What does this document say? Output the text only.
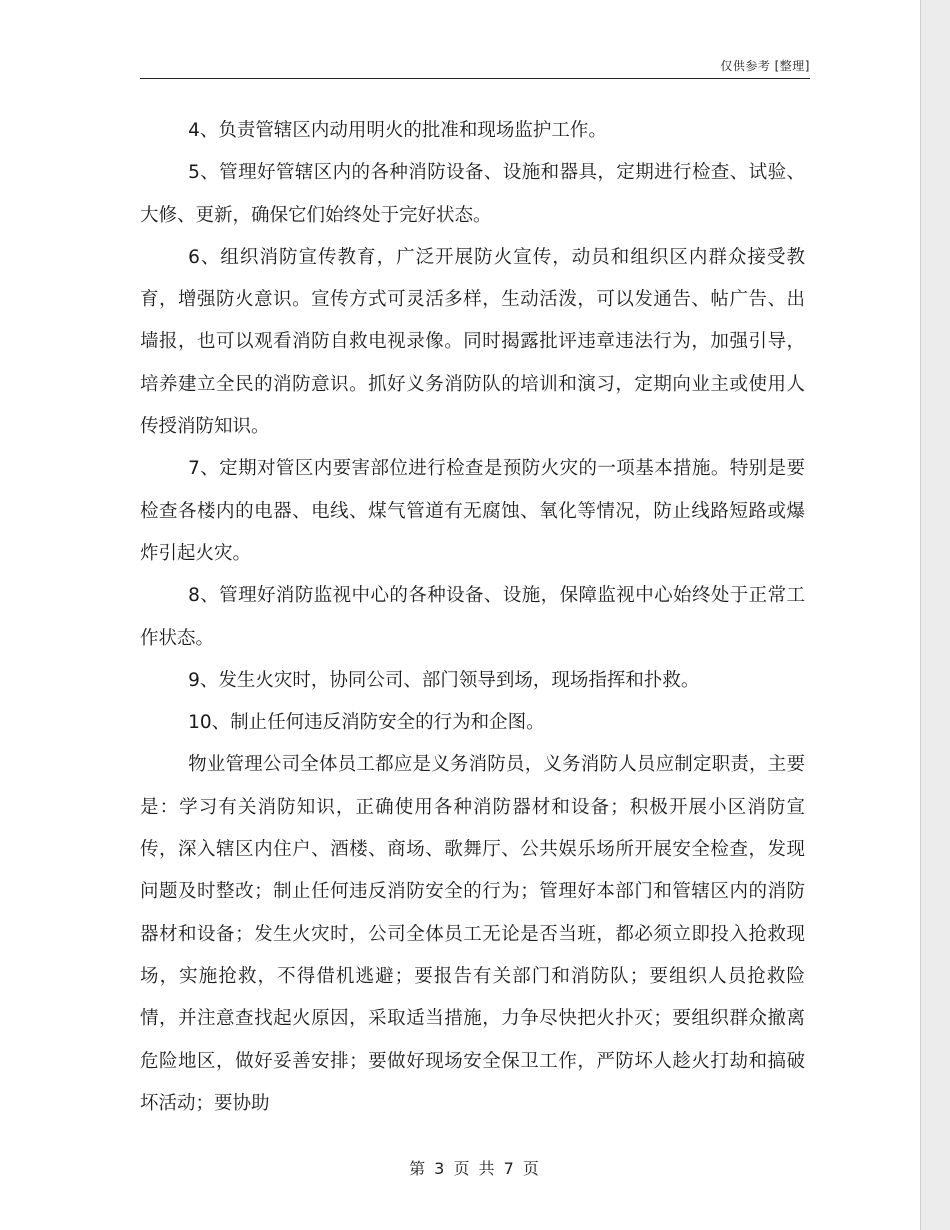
仅供参考 [整理]

4、负责管辖区内动用明火的批准和现场监护工作。

5、管理好管辖区内的各种消防设备、设施和器具，定期进行检查、试验、大修、更新，确保它们始终处于完好状态。

6、组织消防宣传教育，广泛开展防火宣传，动员和组织区内群众接受教育，增强防火意识。宣传方式可灵活多样，生动活泼，可以发通告、帖广告、出墙报，也可以观看消防自救电视录像。同时揭露批评违章违法行为，加强引导，培养建立全民的消防意识。抓好义务消防队的培训和演习，定期向业主或使用人传授消防知识。

7、定期对管区内要害部位进行检查是预防火灾的一项基本措施。特别是要检查各楼内的电器、电线、煤气管道有无腐蚀、氧化等情况，防止线路短路或爆炸引起火灾。

8、管理好消防监视中心的各种设备、设施，保障监视中心始终处于正常工作状态。

9、发生火灾时，协同公司、部门领导到场，现场指挥和扑救。

10、制止任何违反消防安全的行为和企图。

物业管理公司全体员工都应是义务消防员，义务消防人员应制定职责，主要是：学习有关消防知识，正确使用各种消防器材和设备；积极开展小区消防宣传，深入辖区内住户、酒楼、商场、歌舞厅、公共娱乐场所开展安全检查，发现问题及时整改；制止任何违反消防安全的行为；管理好本部门和管辖区内的消防器材和设备；发生火灾时，公司全体员工无论是否当班，都必须立即投入抢救现场，实施抢救，不得借机逃避；要报告有关部门和消防队；要组织人员抢救险情，并注意查找起火原因，采取适当措施，力争尽快把火扑灭；要组织群众撤离危险地区，做好妥善安排；要做好现场安全保卫工作，严防坏人趁火打劫和搞破坏活动；要协助

第 3 页 共 7 页
